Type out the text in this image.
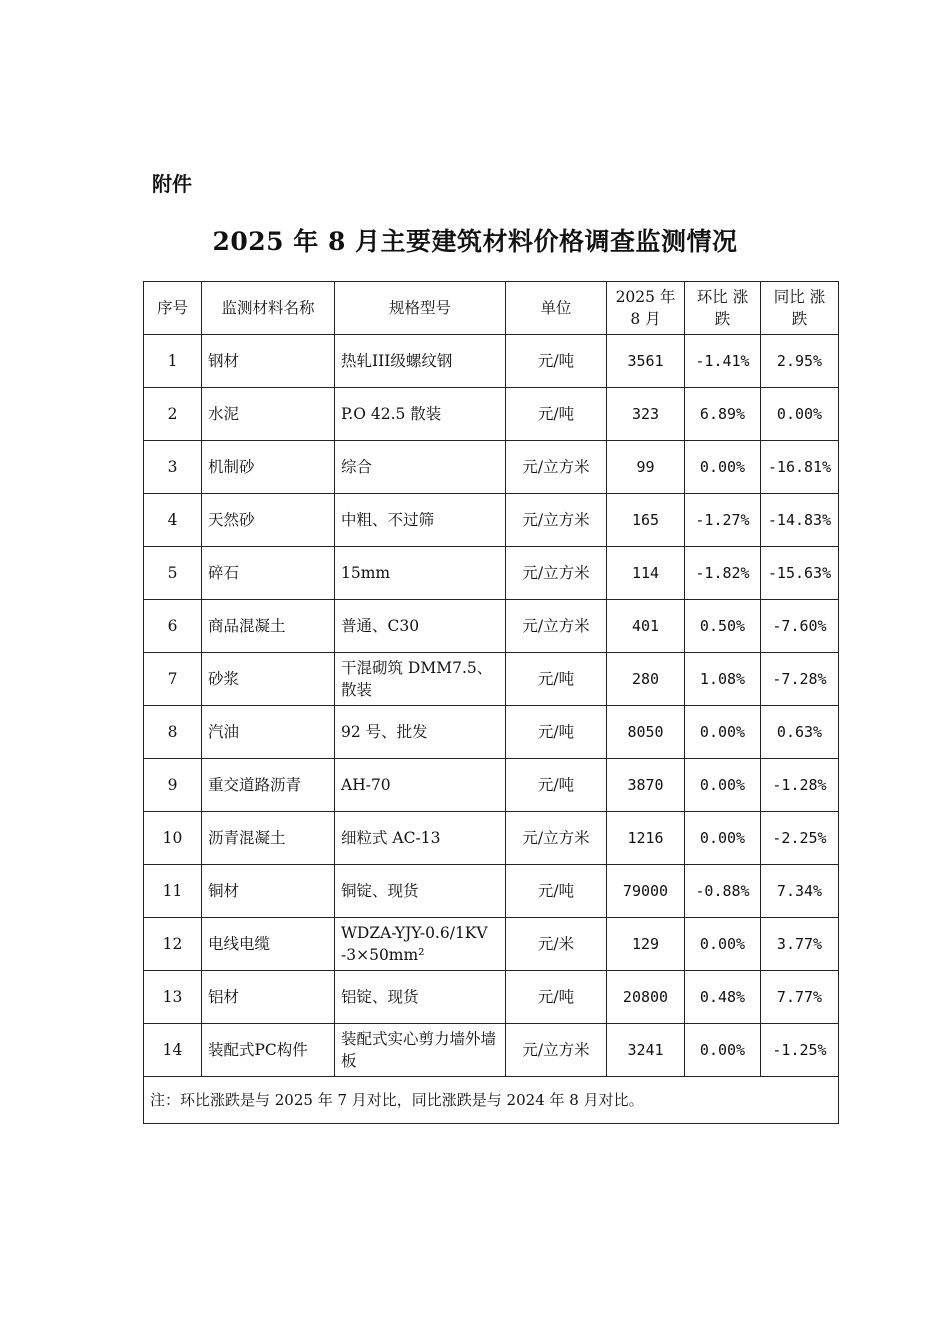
附件
2025 年 8 月主要建筑材料价格调查监测情况
序号	监测材料名称	规格型号	单位	2025 年 8 月	环比 涨跌	同比 涨跌
1	钢材	热轧III级螺纹钢	元/吨	3561	-1.41%	2.95%
2	水泥	P.O 42.5 散装	元/吨	323	6.89%	0.00%
3	机制砂	综合	元/立方米	99	0.00%	-16.81%
4	天然砂	中粗、不过筛	元/立方米	165	-1.27%	-14.83%
5	碎石	15mm	元/立方米	114	-1.82%	-15.63%
6	商品混凝土	普通、C30	元/立方米	401	0.50%	-7.60%
7	砂浆	干混砌筑 DMM7.5、散装	元/吨	280	1.08%	-7.28%
8	汽油	92 号、批发	元/吨	8050	0.00%	0.63%
9	重交道路沥青	AH-70	元/吨	3870	0.00%	-1.28%
10	沥青混凝土	细粒式 AC-13	元/立方米	1216	0.00%	-2.25%
11	铜材	铜锭、现货	元/吨	79000	-0.88%	7.34%
12	电线电缆	WDZA-YJY-0.6/1KV -3×50mm²	元/米	129	0.00%	3.77%
13	铝材	铝锭、现货	元/吨	20800	0.48%	7.77%
14	装配式PC构件	装配式实心剪力墙外墙板	元/立方米	3241	0.00%	-1.25%
注：环比涨跌是与 2025 年 7 月对比，同比涨跌是与 2024 年 8 月对比。						
